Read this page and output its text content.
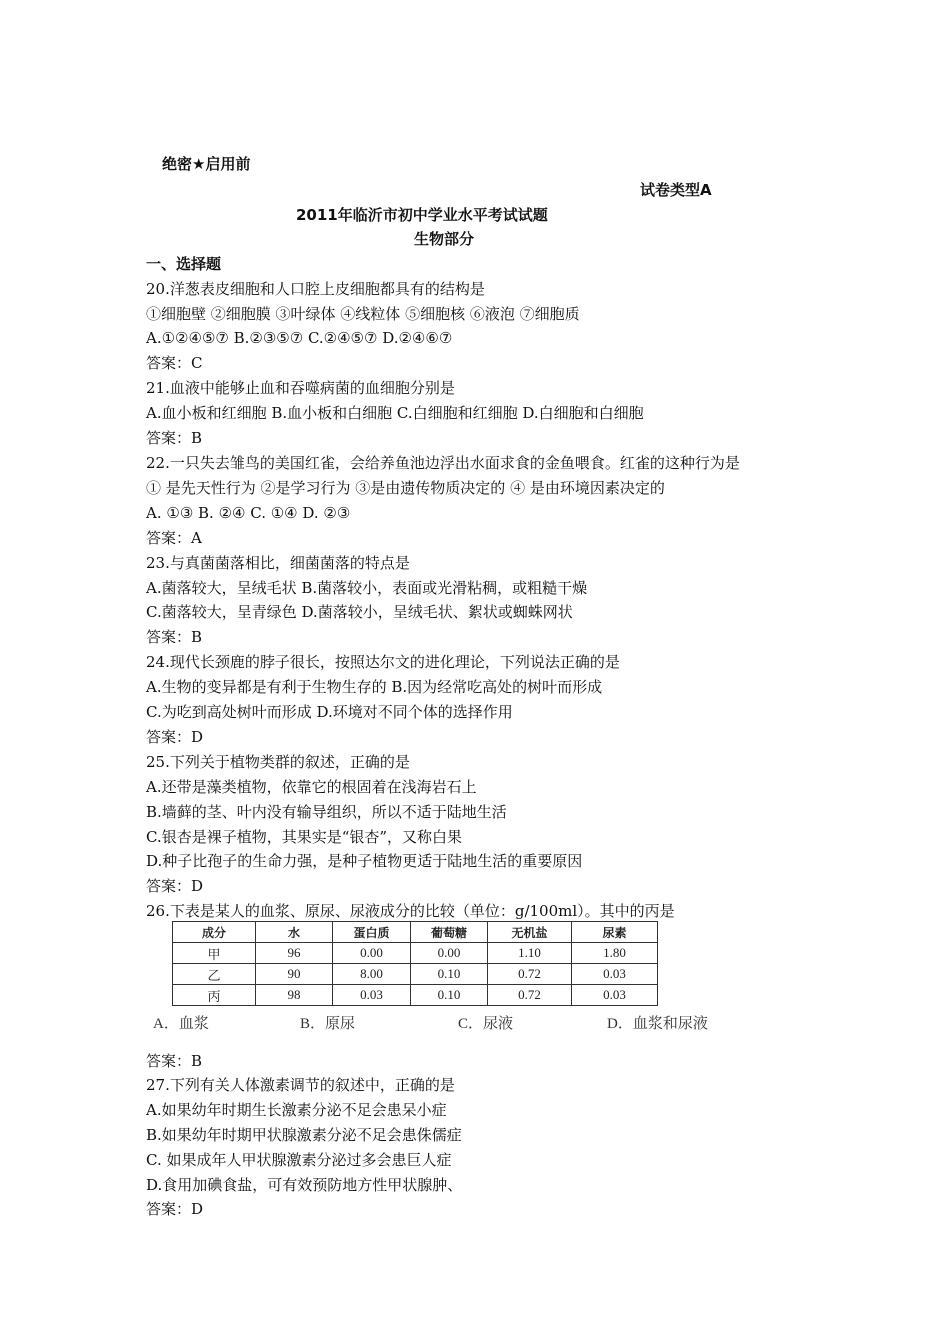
绝密★启用前
试卷类型A
2011年临沂市初中学业水平考试试题
生物部分
一、选择题
20.洋葱表皮细胞和人口腔上皮细胞都具有的结构是
①细胞壁 ②细胞膜 ③叶绿体 ④线粒体 ⑤细胞核 ⑥液泡 ⑦细胞质
A.①②④⑤⑦ B.②③⑤⑦ C.②④⑤⑦ D.②④⑥⑦
答案：C
21.血液中能够止血和吞噬病菌的血细胞分别是
A.血小板和红细胞 B.血小板和白细胞 C.白细胞和红细胞 D.白细胞和白细胞
答案：B
22.一只失去雏鸟的美国红雀，会给养鱼池边浮出水面求食的金鱼喂食。红雀的这种行为是
① 是先天性行为 ②是学习行为 ③是由遗传物质决定的 ④ 是由环境因素决定的
A. ①③ B. ②④ C. ①④ D. ②③
答案：A
23.与真菌菌落相比，细菌菌落的特点是
A.菌落较大，呈绒毛状 B.菌落较小，表面或光滑粘稠，或粗糙干燥
C.菌落较大，呈青绿色 D.菌落较小，呈绒毛状、絮状或蜘蛛网状
答案：B
24.现代长颈鹿的脖子很长，按照达尔文的进化理论，下列说法正确的是
A.生物的变异都是有利于生物生存的 B.因为经常吃高处的树叶而形成
C.为吃到高处树叶而形成 D.环境对不同个体的选择作用
答案：D
25.下列关于植物类群的叙述，正确的是
A.还带是藻类植物，依靠它的根固着在浅海岩石上
B.墙藓的茎、叶内没有输导组织，所以不适于陆地生活
C.银杏是裸子植物，其果实是“银杏”，又称白果
D.种子比孢子的生命力强，是种子植物更适于陆地生活的重要原因
答案：D
26.下表是某人的血浆、原尿、尿液成分的比较（单位：g/100ml）。其中的丙是
成分	水	蛋白质	葡萄糖	无机盐	尿素
甲	96	0.00	0.00	1.10	1.80
乙	90	8.00	0.10	0.72	0.03
丙	98	0.03	0.10	0.72	0.03
A．血浆	B．原尿	C．尿液	D．血浆和尿液
答案：B
27.下列有关人体激素调节的叙述中，正确的是
A.如果幼年时期生长激素分泌不足会患呆小症
B.如果幼年时期甲状腺激素分泌不足会患侏儒症
C. 如果成年人甲状腺激素分泌过多会患巨人症
D.食用加碘食盐，可有效预防地方性甲状腺肿、
答案：D
